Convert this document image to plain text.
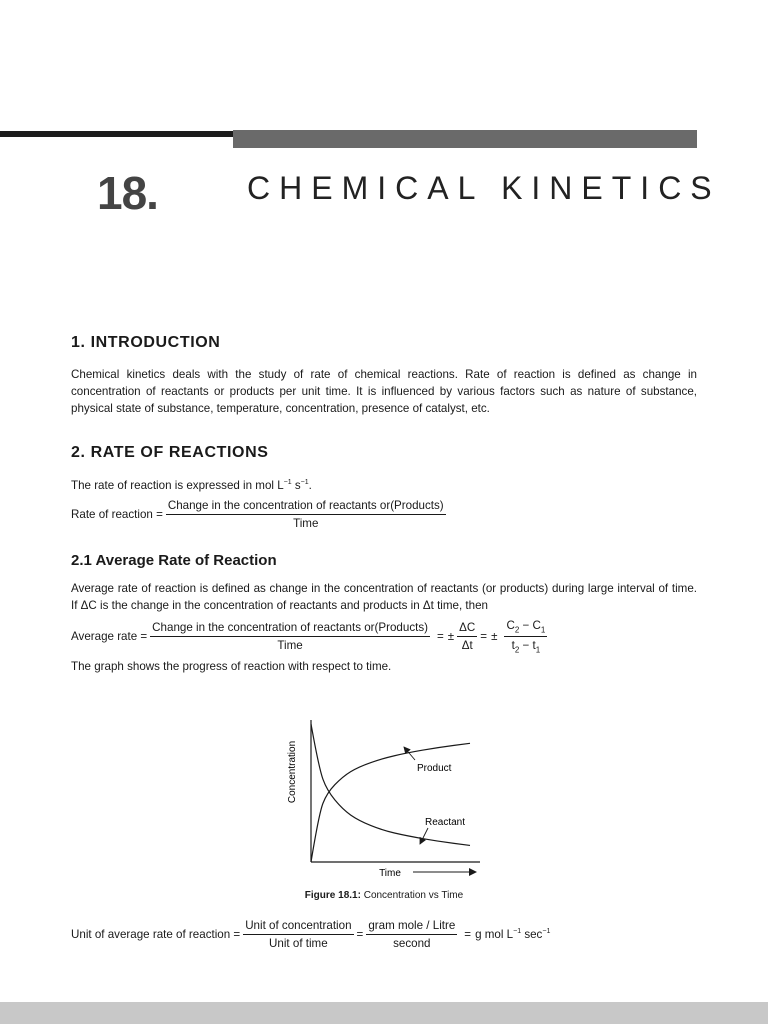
18.	CHEMICAL KINETICS
1. INTRODUCTION
Chemical kinetics deals with the study of rate of chemical reactions. Rate of reaction is defined as change in concentration of reactants or products per unit time. It is influenced by various factors such as nature of substance, physical state of substance, temperature, concentration, presence of catalyst, etc.
2. RATE OF REACTIONS
The rate of reaction is expressed in mol $L^{-1}$ $s^{-1}$.
Rate of reaction = $\frac{\text{Change in the concentration of reactants or(Products)}}{\text{Time}}$
2.1 Average Rate of Reaction
Average rate of reaction is defined as change in the concentration of reactants (or products) during large interval of time. If ΔC is the change in the concentration of reactants and products in Δt time, then
Average rate = $\frac{\text{Change in the concentration of reactants or(Products)}}{\text{Time}}$ = ± $\frac{\Delta C}{\Delta t}$ = ± $\frac{C_2 - C_1}{t_2 - t_1}$
The graph shows the progress of reaction with respect to time.
Concentration
Time
Product
Reactant
Figure 18.1: Concentration vs Time
Unit of average rate of reaction = $\frac{\text{Unit of concentration}}{\text{Unit of time}} = \frac{\text{gram mole / Litre}}{\text{second}} = g$ mol $L^{-1}$ $\sec^{-1}$
